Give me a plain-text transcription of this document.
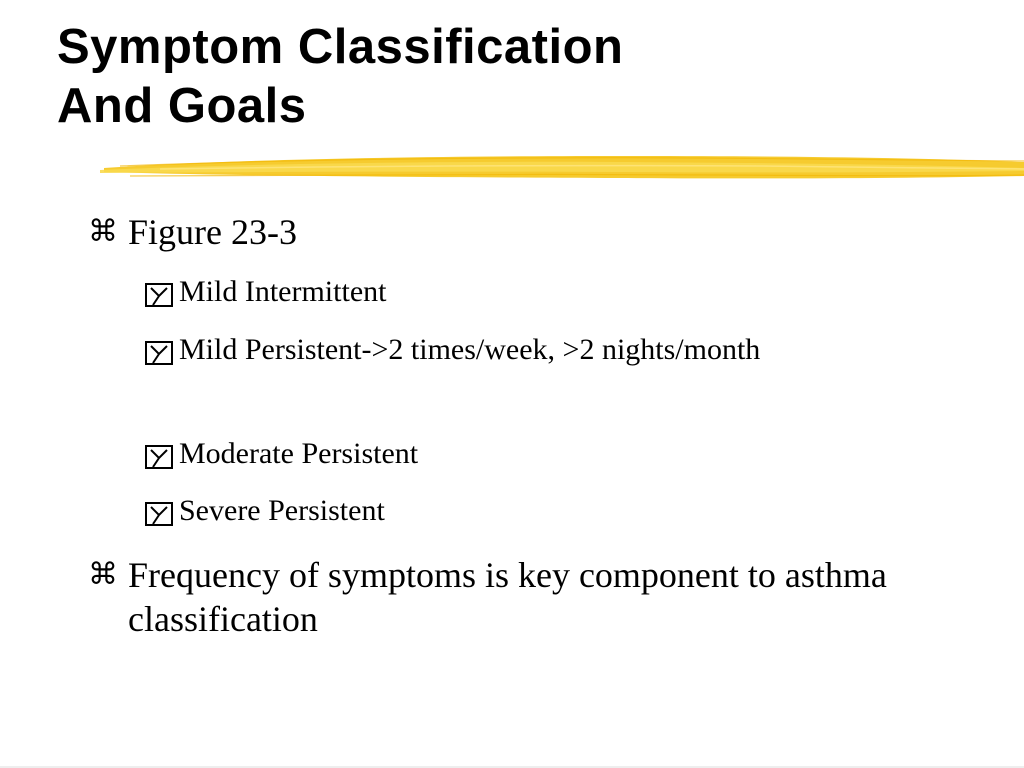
Symptom Classification
And Goals
⌘ Figure 23-3
Mild Intermittent
Mild Persistent->2 times/week, >2 nights/month
Moderate Persistent
Severe Persistent
⌘ Frequency of symptoms is key component to asthma classification
